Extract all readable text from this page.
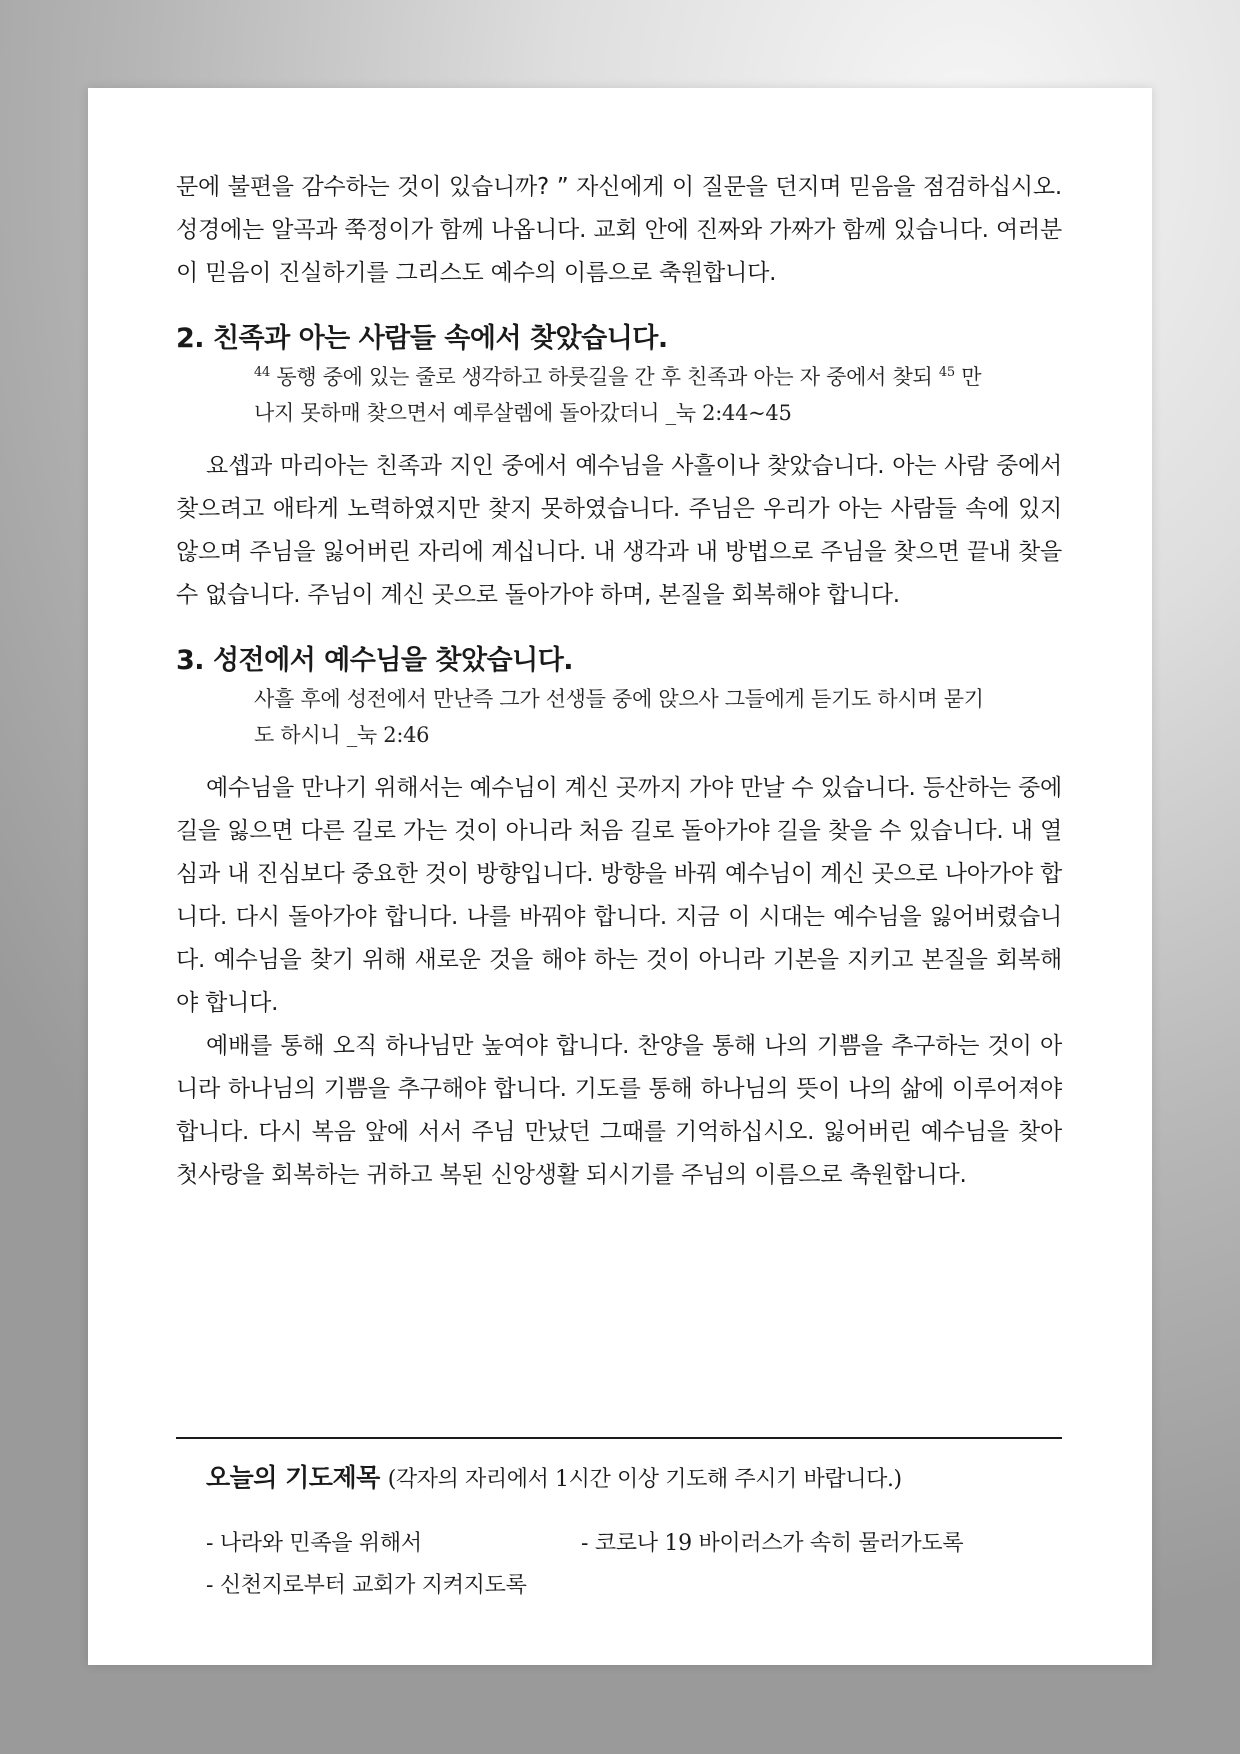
문에 불편을 감수하는 것이 있습니까? ” 자신에게 이 질문을 던지며 믿음을 점검하십시오. 성경에는 알곡과 쭉정이가 함께 나옵니다. 교회 안에 진짜와 가짜가 함께 있습니다. 여러분이 믿음이 진실하기를 그리스도 예수의 이름으로 축원합니다.

2. 친족과 아는 사람들 속에서 찾았습니다.

$^{44}$ 동행 중에 있는 줄로 생각하고 하룻길을 간 후 친족과 아는 자 중에서 찾되 $^{45}$ 만나지 못하매 찾으면서 예루살렘에 돌아갔더니 _눅 2:44~45

요셉과 마리아는 친족과 지인 중에서 예수님을 사흘이나 찾았습니다. 아는 사람 중에서 찾으려고 애타게 노력하였지만 찾지 못하였습니다. 주님은 우리가 아는 사람들 속에 있지 않으며 주님을 잃어버린 자리에 계십니다. 내 생각과 내 방법으로 주님을 찾으면 끝내 찾을 수 없습니다. 주님이 계신 곳으로 돌아가야 하며, 본질을 회복해야 합니다.

3. 성전에서 예수님을 찾았습니다.

사흘 후에 성전에서 만난즉 그가 선생들 중에 앉으사 그들에게 듣기도 하시며 묻기도 하시니 _눅 2:46

예수님을 만나기 위해서는 예수님이 계신 곳까지 가야 만날 수 있습니다. 등산하는 중에 길을 잃으면 다른 길로 가는 것이 아니라 처음 길로 돌아가야 길을 찾을 수 있습니다. 내 열심과 내 진심보다 중요한 것이 방향입니다. 방향을 바꿔 예수님이 계신 곳으로 나아가야 합니다. 다시 돌아가야 합니다. 나를 바꿔야 합니다. 지금 이 시대는 예수님을 잃어버렸습니다. 예수님을 찾기 위해 새로운 것을 해야 하는 것이 아니라 기본을 지키고 본질을 회복해야 합니다.

예배를 통해 오직 하나님만 높여야 합니다. 찬양을 통해 나의 기쁨을 추구하는 것이 아니라 하나님의 기쁨을 추구해야 합니다. 기도를 통해 하나님의 뜻이 나의 삶에 이루어져야 합니다. 다시 복음 앞에 서서 주님 만났던 그때를 기억하십시오. 잃어버린 예수님을 찾아 첫사랑을 회복하는 귀하고 복된 신앙생활 되시기를 주님의 이름으로 축원합니다.

오늘의 기도제목 (각자의 자리에서 1시간 이상 기도해 주시기 바랍니다.)

- 나라와 민족을 위해서	- 코로나 19 바이러스가 속히 물러가도록
- 신천지로부터 교회가 지켜지도록
